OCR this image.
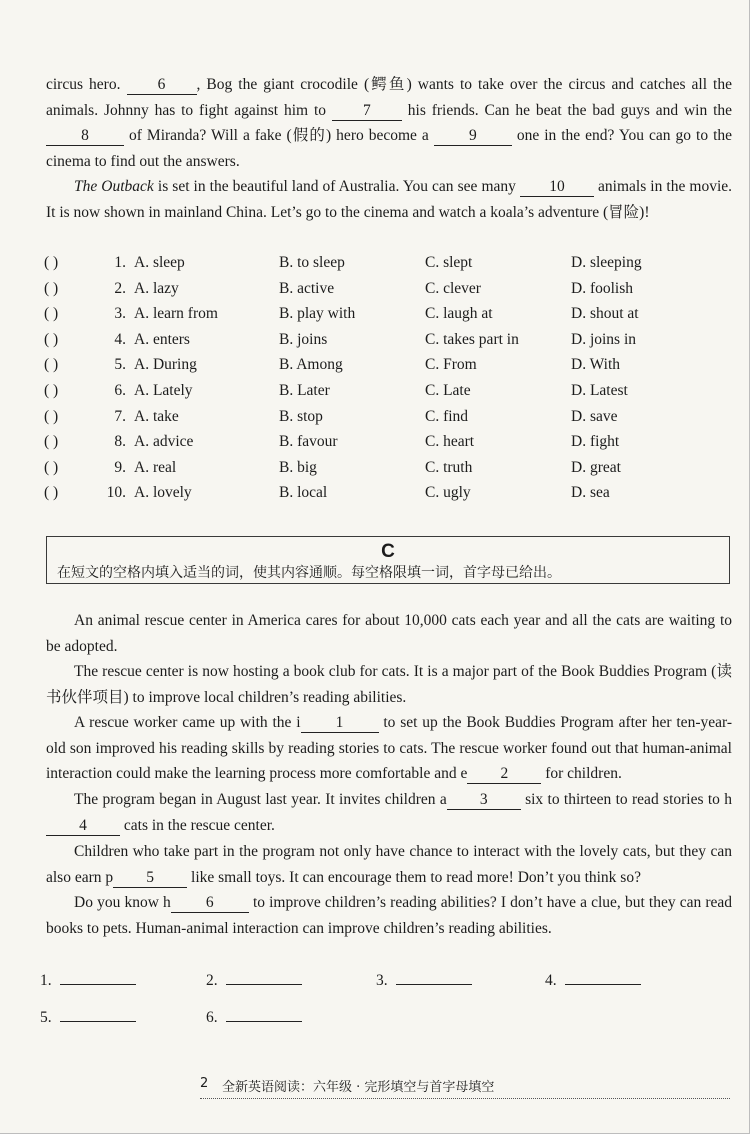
circus hero. 6 , Bog the giant crocodile (鳄鱼) wants to take over the circus and catches all the animals. Johnny has to fight against him to 7 his friends. Can he beat the bad guys and win the 8	of Miranda? Will a fake (假的) hero become a	9	one in the end? You can go to the cinema to find out the answers.
The Outback is set in the beautiful land of Australia. You can see many 10 animals in the movie. It is now shown in mainland China. Let’s go to the cinema and watch a koala’s adventure (冒险)!
( )	1. A. sleep	B. to sleep	C. slept	D. sleeping
( )	2. A. lazy	B. active	C. clever	D. foolish
( )	3. A. learn from	B. play with	C. laugh at	D. shout at
( )	4. A. enters	B. joins	C. takes part in	D. joins in
( )	5. A. During	B. Among	C. From	D. With
( )	6. A. Lately	B. Later	C. Late	D. Latest
( )	7. A. take	B. stop	C. find	D. save
( )	8. A. advice	B. favour	C. heart	D. fight
( )	9. A. real	B. big	C. truth	D. great
( )	10. A. lovely	B. local	C. ugly	D. sea
C
在短文的空格内填入适当的词，使其内容通顺。每空格限填一词，首字母已给出。
An animal rescue center in America cares for about 10,000 cats each year and all the cats are waiting to be adopted.
The rescue center is now hosting a book club for cats. It is a major part of the Book Buddies Program (读书伙伴项目) to improve local children’s reading abilities.
A rescue worker came up with the i 1	to set up the Book Buddies Program after her ten-year-old son improved his reading skills by reading stories to cats. The rescue worker found out that human-animal interaction could make the learning process more comfortable and e 2 for children.
The program began in August last year. It invites children a 3 six to thirteen to read stories to h4 cats in the rescue center.
Children who take part in the program not only have chance to interact with the lovely cats, but they can also earn p 5 like small toys. It can encourage them to read more! Don’t you think so?
Do you know h 6	to improve children’s reading abilities? I don’t have a clue, but they can read books to pets. Human-animal interaction can improve children’s reading abilities.
1.	2.	3.	4.
5.	6.
2 全新英语阅读：六年级 · 完形填空与首字母填空
